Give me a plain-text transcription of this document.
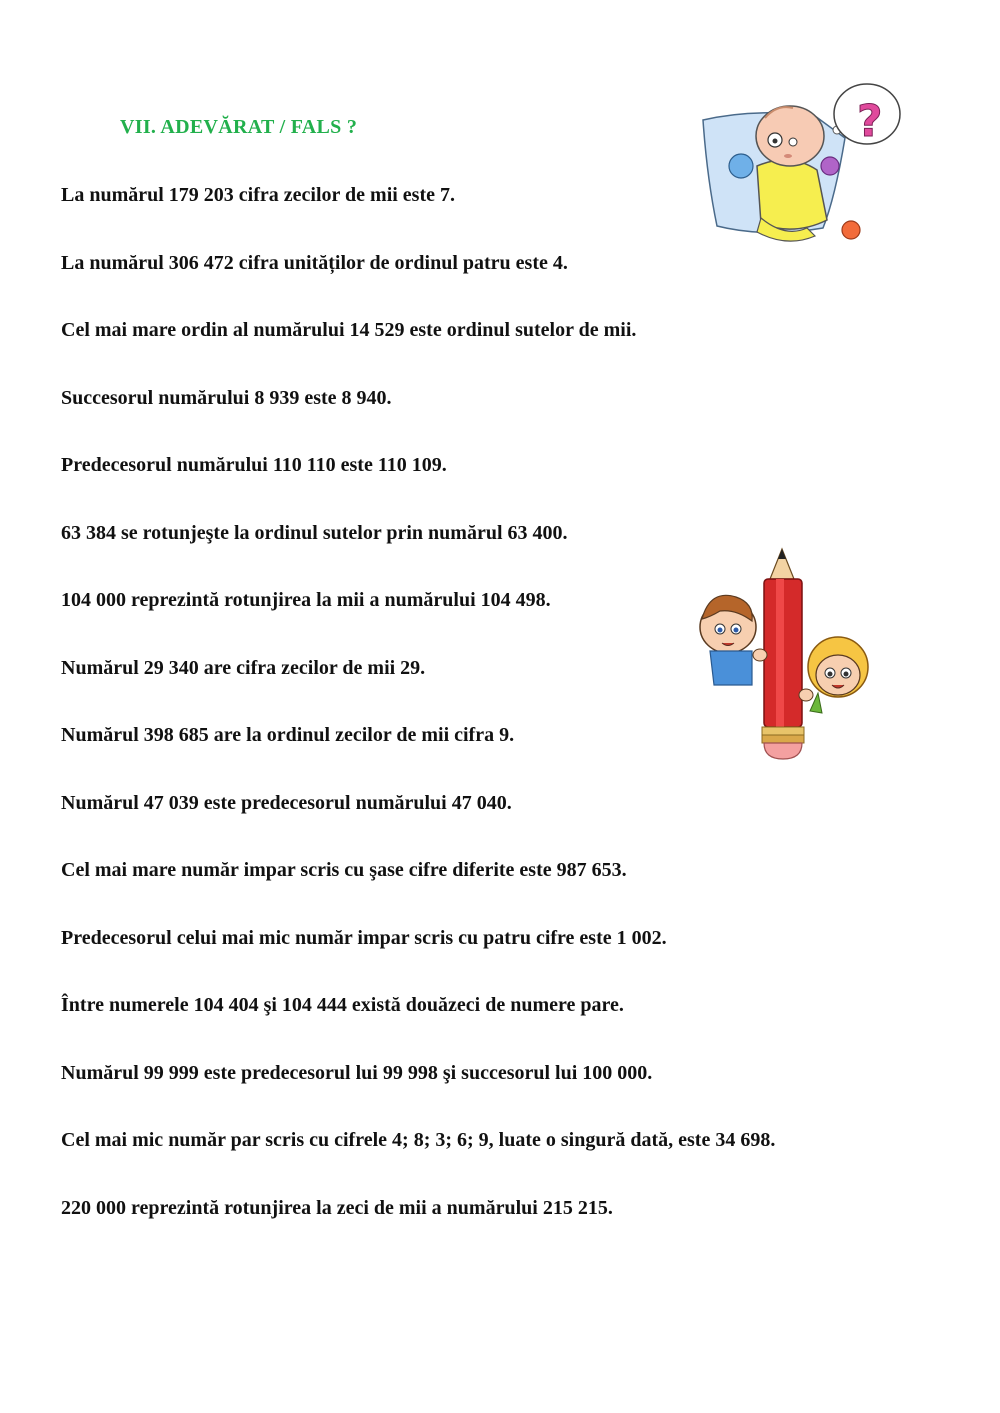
VII. ADEVĂRAT / FALS ?
La numărul 179 203 cifra zecilor de mii este 7.
La numărul 306 472 cifra unităților de ordinul patru este 4.
Cel mai mare ordin al numărului 14 529 este ordinul sutelor de mii.
Succesorul numărului 8 939 este 8 940.
Predecesorul numărului 110 110 este 110 109.
63 384 se rotunjeşte la ordinul sutelor prin numărul 63 400.
104 000 reprezintă rotunjirea la mii a numărului 104 498.
Numărul 29 340 are cifra zecilor de mii 29.
Numărul 398 685 are la ordinul zecilor de mii cifra 9.
Numărul 47 039 este predecesorul numărului 47 040.
Cel mai mare număr impar scris cu şase cifre diferite este 987 653.
Predecesorul celui mai mic număr impar scris cu patru cifre este 1 002.
Între numerele 104 404 şi 104 444 există douăzeci de numere pare.
Numărul 99 999 este predecesorul lui 99 998 şi succesorul lui 100 000.
Cel mai mic număr par scris cu cifrele 4; 8; 3; 6; 9, luate o singură dată, este 34 698.
220 000 reprezintă rotunjirea la zeci de mii a numărului 215 215.
?
